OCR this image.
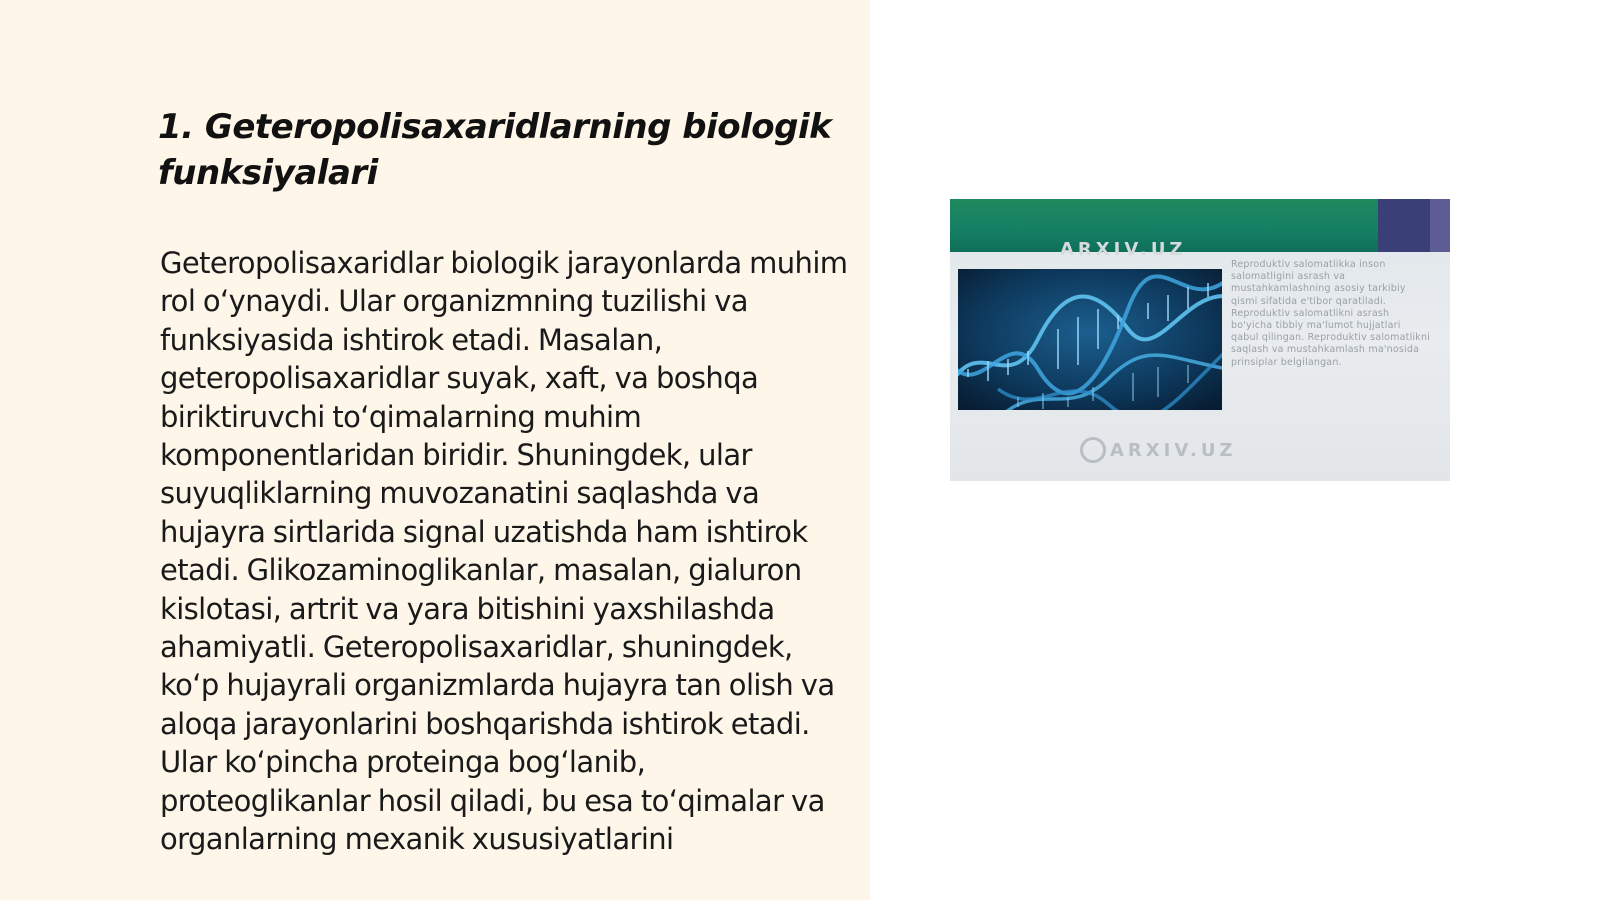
1. Geteropolisaxaridlarning biologik funksiyalari

Geteropolisaxaridlar biologik jarayonlarda muhim rol o‘ynaydi. Ular organizmning tuzilishi va funksiyasida ishtirok etadi. Masalan, geteropolisaxaridlar suyak, xaft, va boshqa biriktiruvchi to‘qimalarning muhim komponentlaridan biridir. Shuningdek, ular suyuqliklarning muvozanatini saqlashda va hujayra sirtlarida signal uzatishda ham ishtirok etadi. Glikozaminoglikanlar, masalan, gialuron kislotasi, artrit va yara bitishini yaxshilashda ahamiyatli. Geteropolisaxaridlar, shuningdek, ko‘p hujayrali organizmlarda hujayra tan olish va aloqa jarayonlarini boshqarishda ishtirok etadi. Ular ko‘pincha proteinga bog‘lanib, proteoglikanlar hosil qiladi, bu esa to‘qimalar va organlarning mexanik xususiyatlarini

Reproduktiv salomatlikka inson salomatligini asrash va mustahkamlashning asosiy tarkibiy qismi sifatida e'tibor qaratiladi. Reproduktiv salomatlikni asrash bo'yicha tibbiy ma'lumot hujjatlari qabul qilingan. Reproduktiv salomatlikni saqlash va mustahkamlash ma'nosida prinsiplar belgilangan.

ARXIV.UZ
ARXIV.UZ
